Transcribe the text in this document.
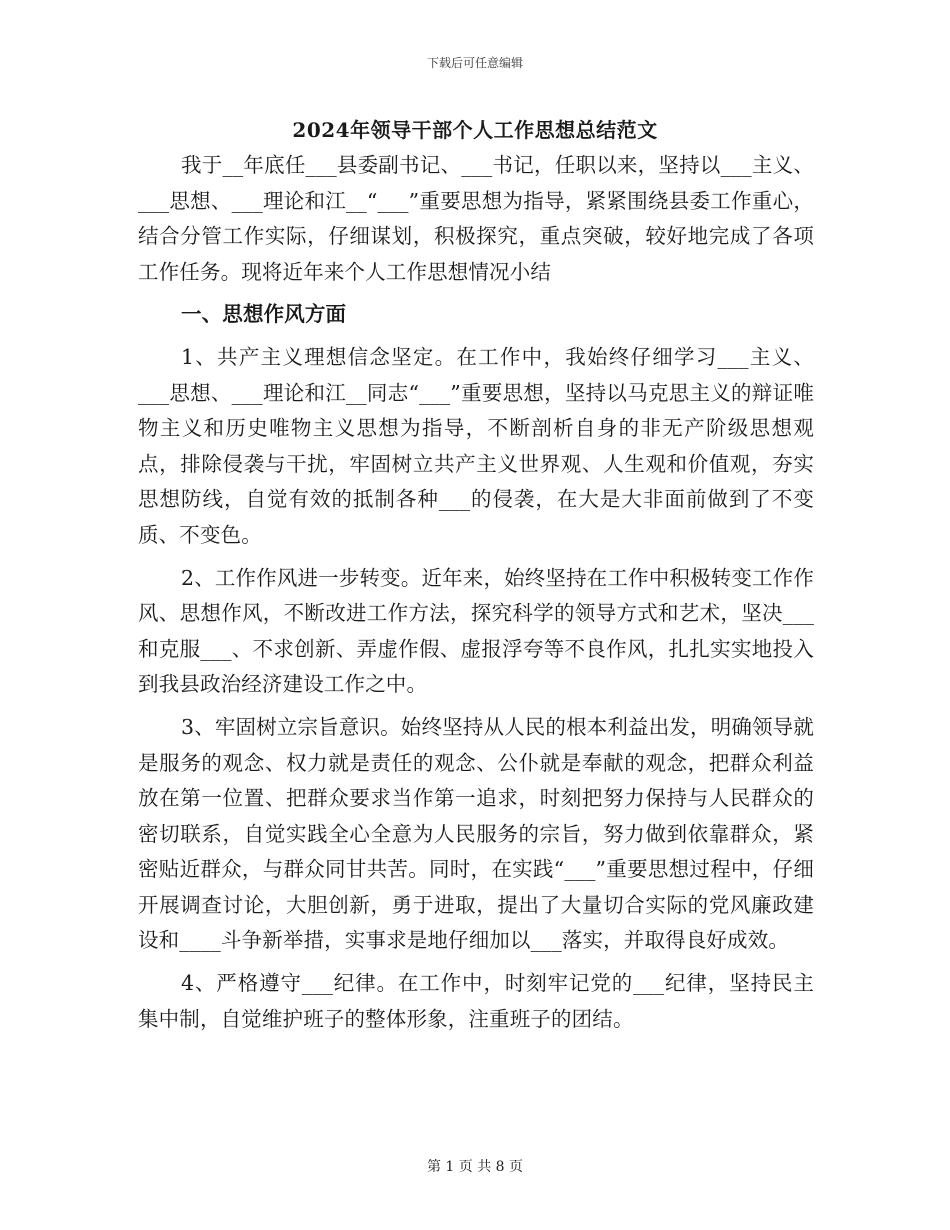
下载后可任意编辑
2024年领导干部个人工作思想总结范文

我于__年底任___县委副书记、___书记，任职以来，坚持以___主义、___思想、___理论和江__“___”重要思想为指导，紧紧围绕县委工作重心，结合分管工作实际，仔细谋划，积极探究，重点突破，较好地完成了各项工作任务。现将近年来个人工作思想情况小结

一、思想作风方面

1、共产主义理想信念坚定。在工作中，我始终仔细学习___主义、___思想、___理论和江__同志“___”重要思想，坚持以马克思主义的辩证唯物主义和历史唯物主义思想为指导，不断剖析自身的非无产阶级思想观点，排除侵袭与干扰，牢固树立共产主义世界观、人生观和价值观，夯实思想防线，自觉有效的抵制各种___的侵袭，在大是大非面前做到了不变质、不变色。

2、工作作风进一步转变。近年来，始终坚持在工作中积极转变工作作风、思想作风，不断改进工作方法，探究科学的领导方式和艺术，坚决___和克服___、不求创新、弄虚作假、虚报浮夸等不良作风，扎扎实实地投入到我县政治经济建设工作之中。

3、牢固树立宗旨意识。始终坚持从人民的根本利益出发，明确领导就是服务的观念、权力就是责任的观念、公仆就是奉献的观念，把群众利益放在第一位置、把群众要求当作第一追求，时刻把努力保持与人民群众的密切联系，自觉实践全心全意为人民服务的宗旨，努力做到依靠群众，紧密贴近群众，与群众同甘共苦。同时，在实践“___”重要思想过程中，仔细开展调查讨论，大胆创新，勇于进取，提出了大量切合实际的党风廉政建设和____斗争新举措，实事求是地仔细加以___落实，并取得良好成效。

4、严格遵守___纪律。在工作中，时刻牢记党的___纪律，坚持民主集中制，自觉维护班子的整体形象，注重班子的团结。

第 1 页 共 8 页
